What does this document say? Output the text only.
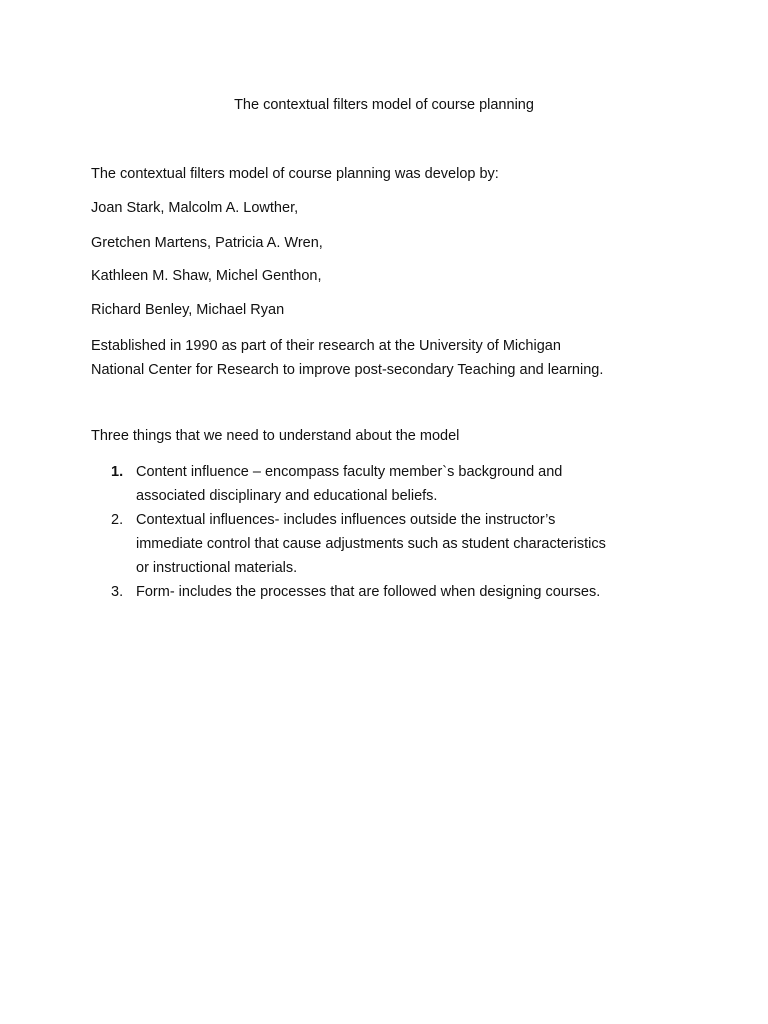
The contextual filters model of course planning
The contextual filters model of course planning was develop by:
Joan Stark, Malcolm A. Lowther,
Gretchen Martens, Patricia A. Wren,
Kathleen M. Shaw, Michel Genthon,
Richard Benley, Michael Ryan
Established in 1990 as part of their research at the University of Michigan
National Center for Research to improve post-secondary Teaching and learning.
Three things that we need to understand about the model
1. Content influence – encompass faculty member`s background and
associated disciplinary and educational beliefs.
2. Contextual influences- includes influences outside the instructor’s
immediate control that cause adjustments such as student characteristics
or instructional materials.
3. Form- includes the processes that are followed when designing courses.
